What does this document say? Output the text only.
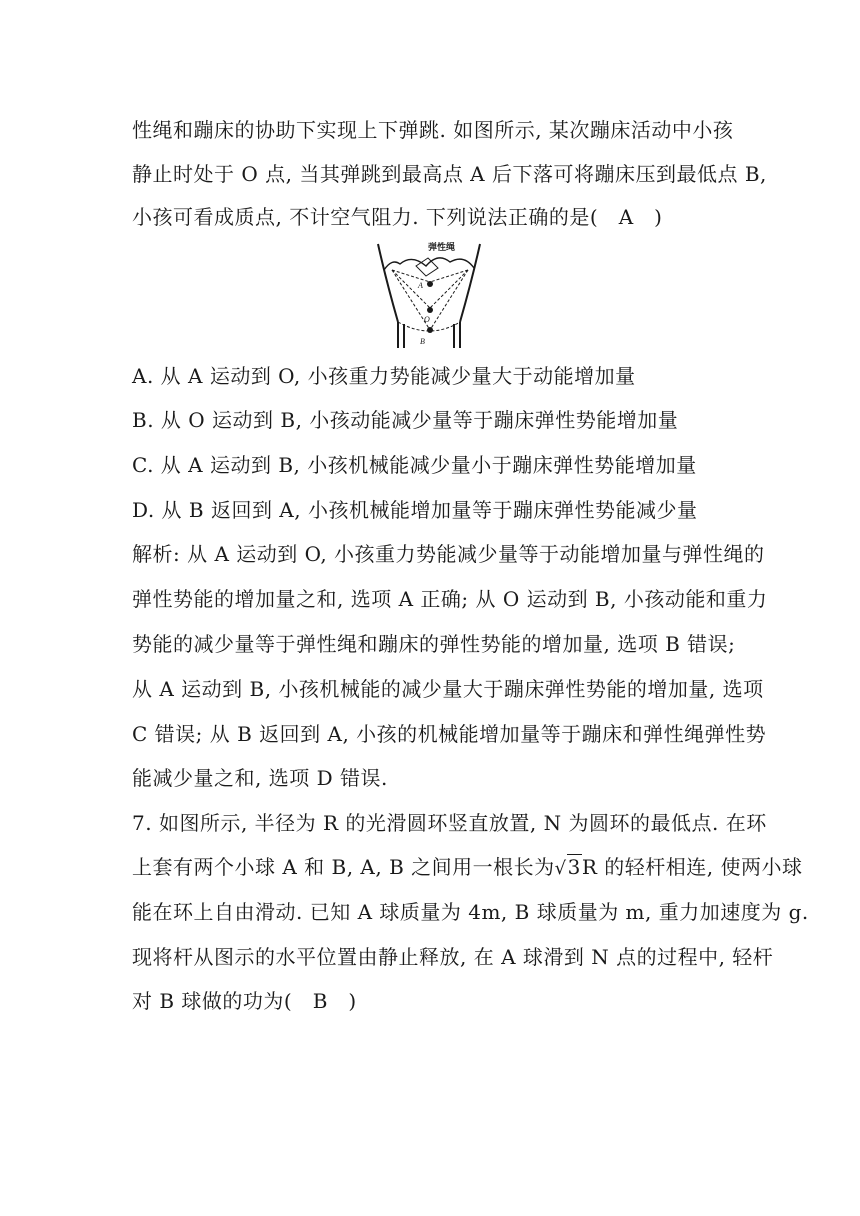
性绳和蹦床的协助下实现上下弹跳. 如图所示, 某次蹦床活动中小孩
静止时处于 O 点, 当其弹跳到最高点 A 后下落可将蹦床压到最低点 B,
小孩可看成质点, 不计空气阻力. 下列说法正确的是(　A　)
弹性绳
A
O
B
A. 从 A 运动到 O, 小孩重力势能减少量大于动能增加量
B. 从 O 运动到 B, 小孩动能减少量等于蹦床弹性势能增加量
C. 从 A 运动到 B, 小孩机械能减少量小于蹦床弹性势能增加量
D. 从 B 返回到 A, 小孩机械能增加量等于蹦床弹性势能减少量
解析: 从 A 运动到 O, 小孩重力势能减少量等于动能增加量与弹性绳的
弹性势能的增加量之和, 选项 A 正确; 从 O 运动到 B, 小孩动能和重力
势能的减少量等于弹性绳和蹦床的弹性势能的增加量, 选项 B 错误;
从 A 运动到 B, 小孩机械能的减少量大于蹦床弹性势能的增加量, 选项
C 错误; 从 B 返回到 A, 小孩的机械能增加量等于蹦床和弹性绳弹性势
能减少量之和, 选项 D 错误.
7. 如图所示, 半径为 R 的光滑圆环竖直放置, N 为圆环的最低点. 在环
上套有两个小球 A 和 B, A, B 之间用一根长为√3R 的轻杆相连, 使两小球
能在环上自由滑动. 已知 A 球质量为 4m, B 球质量为 m, 重力加速度为 g.
现将杆从图示的水平位置由静止释放, 在 A 球滑到 N 点的过程中, 轻杆
对 B 球做的功为(　B　)
